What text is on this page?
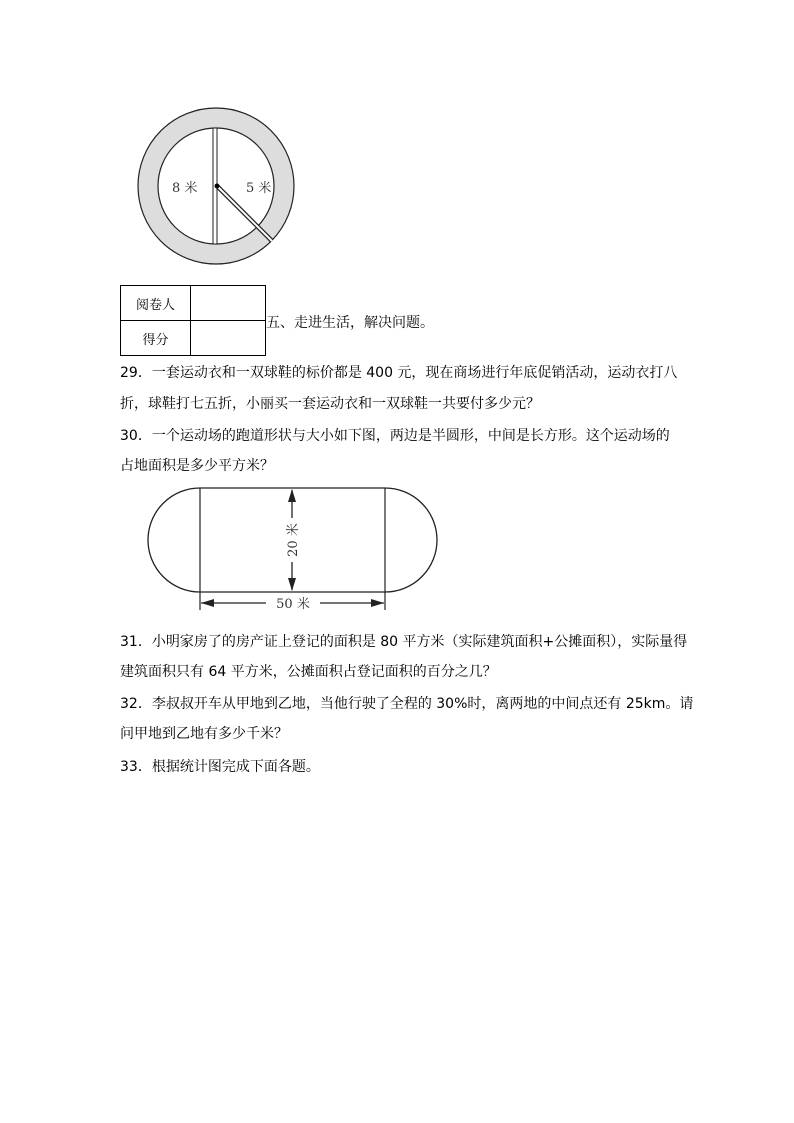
8 米	5 米
阅卷人	
得分	
五、走进生活，解决问题。
29．一套运动衣和一双球鞋的标价都是 400 元，现在商场进行年底促销活动，运动衣打八
折，球鞋打七五折，小丽买一套运动衣和一双球鞋一共要付多少元？
30．一个运动场的跑道形状与大小如下图，两边是半圆形，中间是长方形。这个运动场的
占地面积是多少平方米？
20 米
50 米
31．小明家房了的房产证上登记的面积是 80 平方米（实际建筑面积+公摊面积），实际量得
建筑面积只有 64 平方米，公摊面积占登记面积的百分之几？
32．李叔叔开车从甲地到乙地，当他行驶了全程的 30%时，离两地的中间点还有 25km。请
问甲地到乙地有多少千米？
33．根据统计图完成下面各题。
